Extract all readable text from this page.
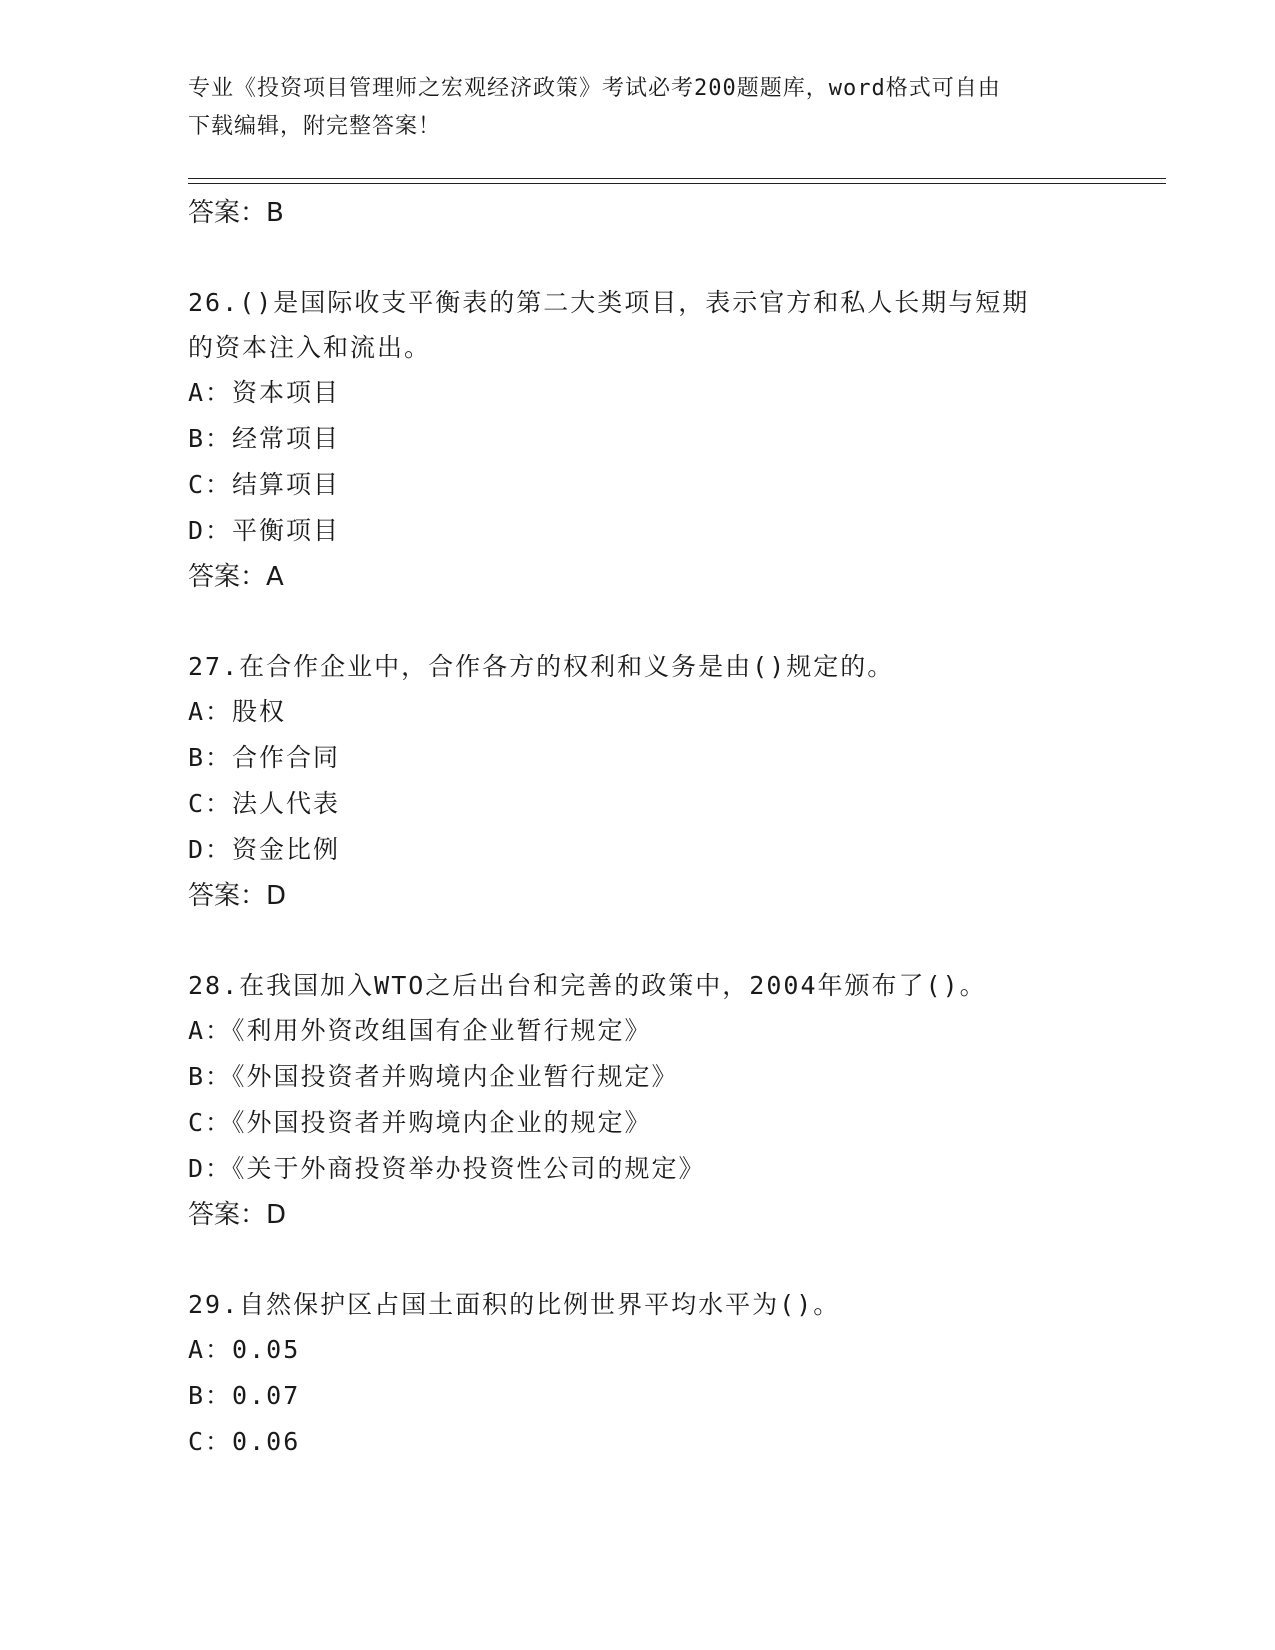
专业《投资项目管理师之宏观经济政策》考试必考200题题库，word格式可自由
下载编辑，附完整答案！
答案：B
26.()是国际收支平衡表的第二大类项目，表示官方和私人长期与短期
的资本注入和流出。
A：资本项目
B：经常项目
C：结算项目
D：平衡项目
答案：A
27.在合作企业中，合作各方的权利和义务是由()规定的。
A：股权
B：合作合同
C：法人代表
D：资金比例
答案：D
28.在我国加入WTO之后出台和完善的政策中，2004年颁布了()。
A：《利用外资改组国有企业暂行规定》
B：《外国投资者并购境内企业暂行规定》
C：《外国投资者并购境内企业的规定》
D：《关于外商投资举办投资性公司的规定》
答案：D
29.自然保护区占国土面积的比例世界平均水平为()。
A：0.05
B：0.07
C：0.06
